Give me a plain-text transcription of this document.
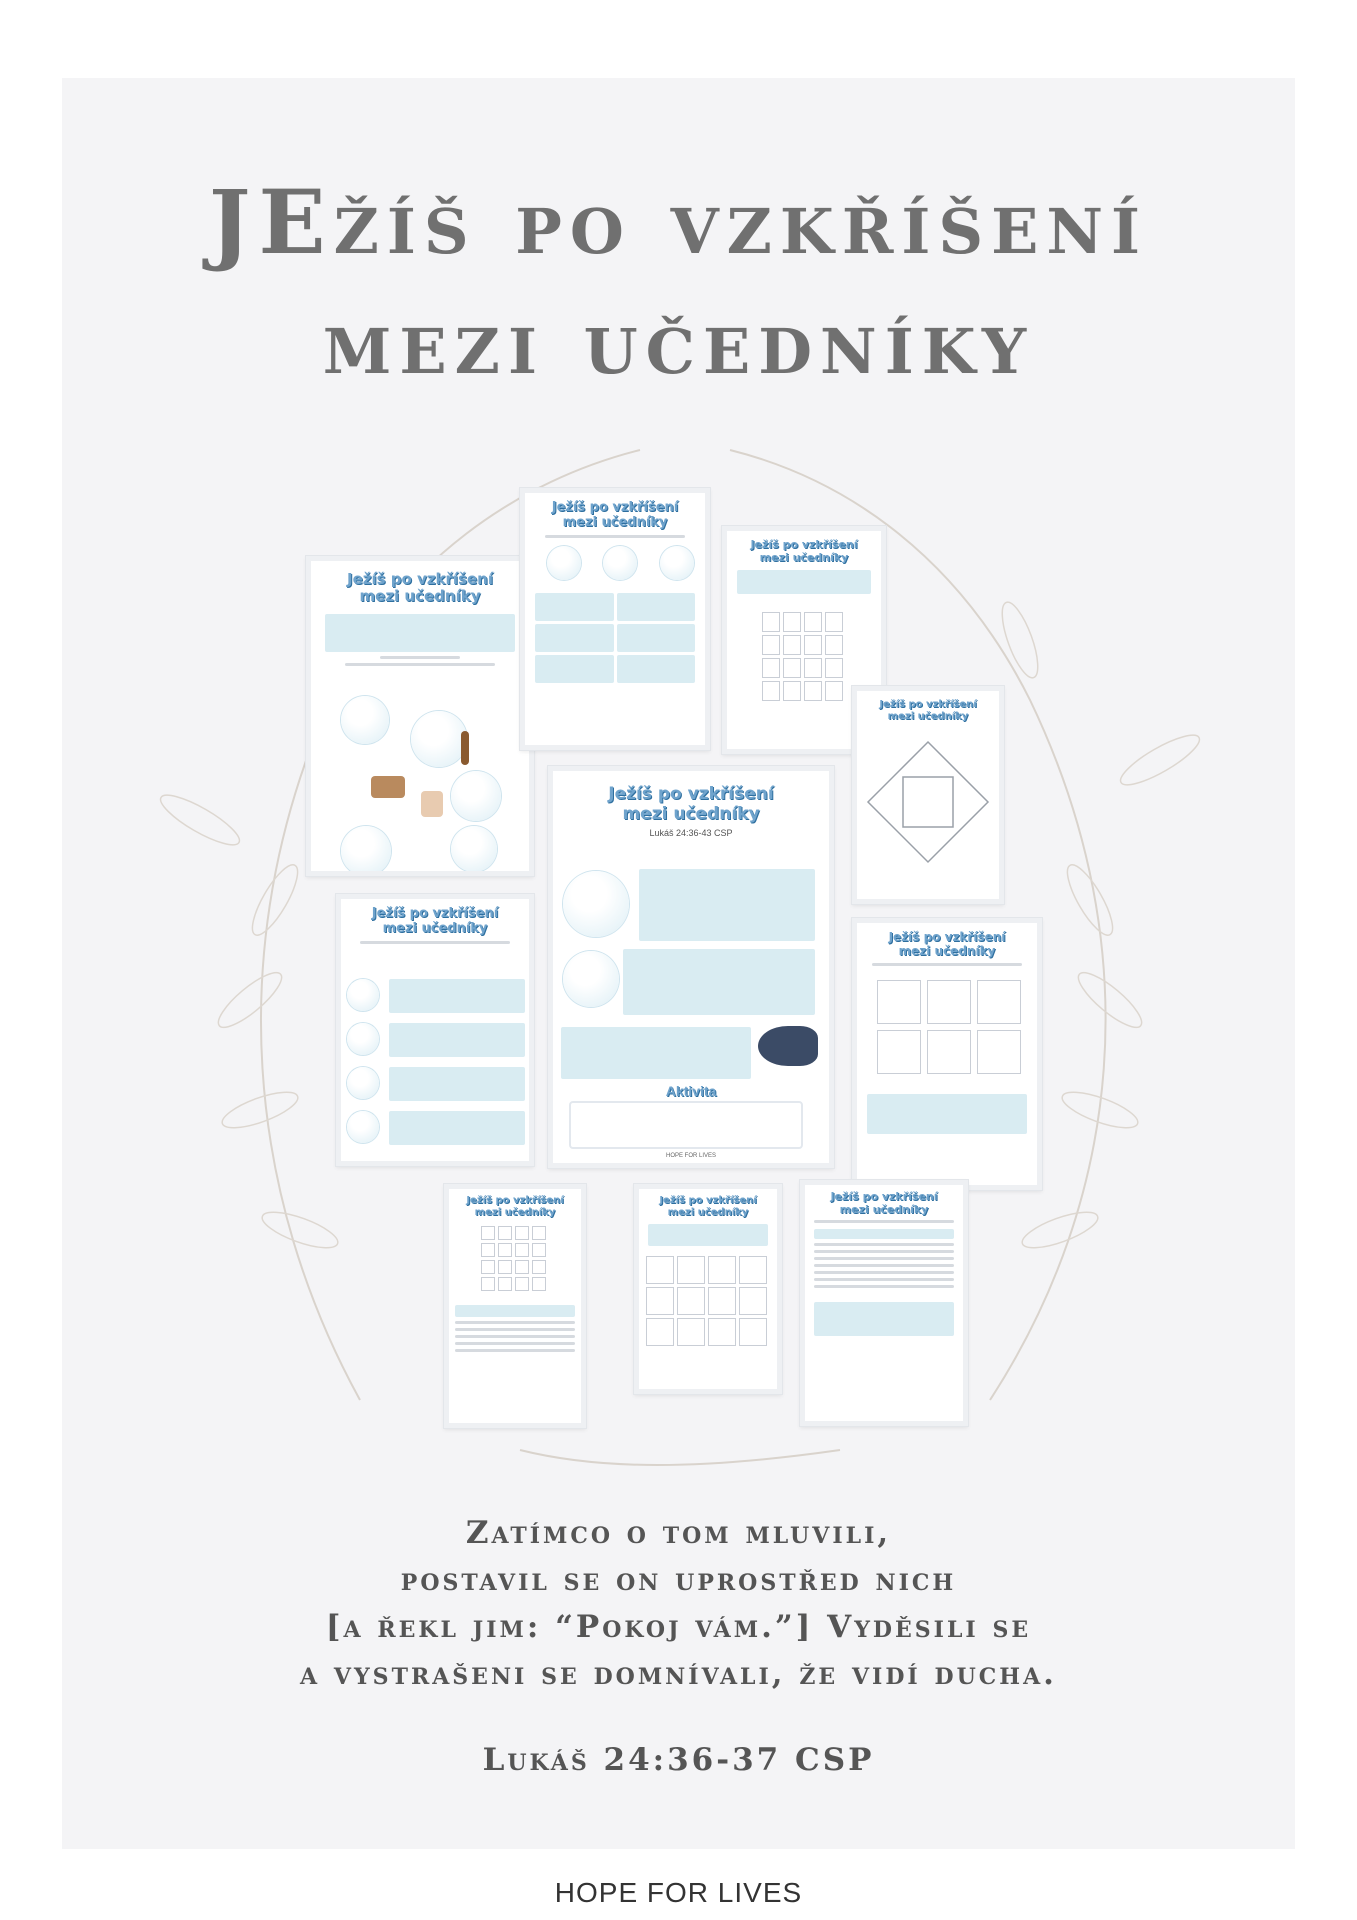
JEžíš po vzkříšení
mezi učedníky
Ježíš po vzkříšení
mezi učedníky
Ježíš po vzkříšení
mezi učedníky

Ježíš po vzkříšení
mezi učedníky
Ježíš po vzkříšení
mezi učedníky
Ježíš po vzkříšení
mezi učedníky
Lukáš 24:36-43 CSP
Aktivita
HOPE FOR LIVES
Ježíš po vzkříšení
mezi učedníky
Ježíš po vzkříšení
mezi učedníky
Ježíš po vzkříšení
mezi učedníky
Ježíš po vzkříšení
mezi učedníky
Ježíš po vzkříšení
mezi učedníky

Zatímco o tom mluvili,

postavil se on uprostřed nich

[a řekl jim: “Pokoj vám.”] Vyděsili se

a vystrašeni se domnívali, že vidí ducha.

Lukáš 24:36-37 CSP

HOPE FOR LIVES
